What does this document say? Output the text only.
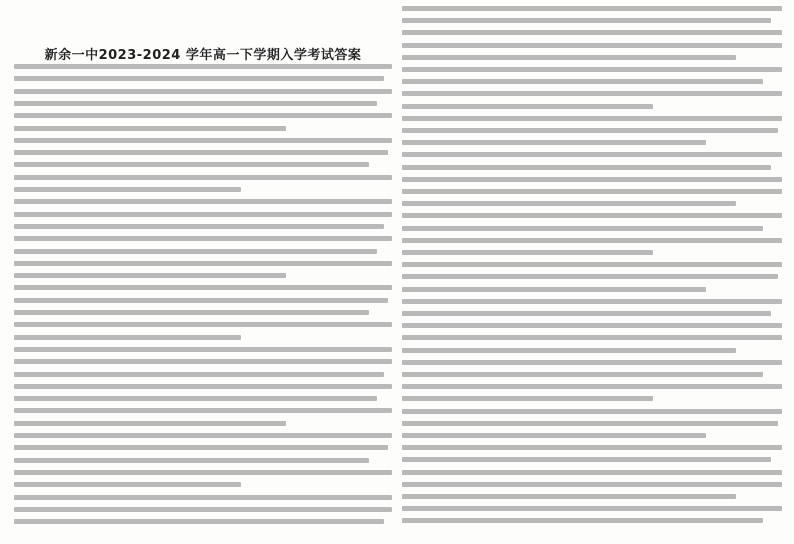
新余一中2023-2024 学年高一下学期入学考试答案
